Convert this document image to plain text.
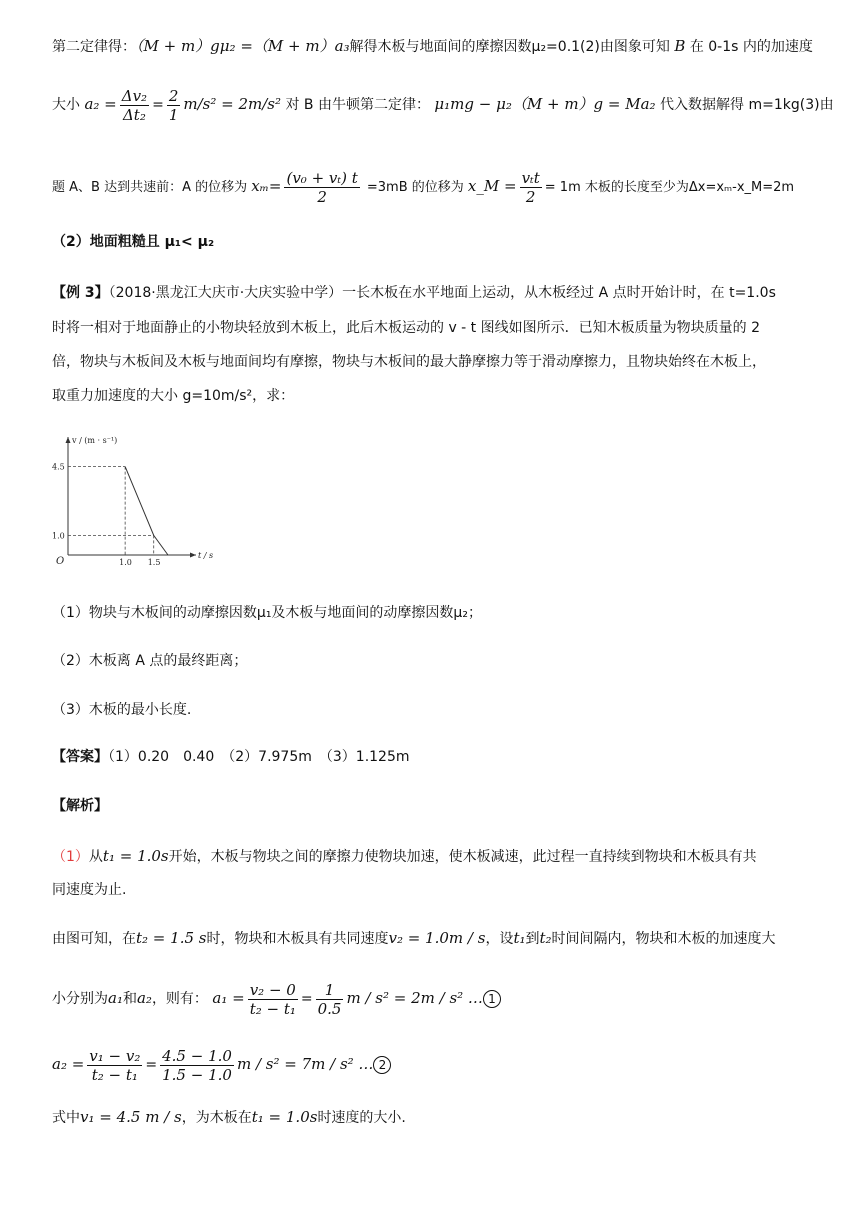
第二定律得：（M + m）gμ₂ =（M + m）a₃解得木板与地面间的摩擦因数μ₂=0.1(2)由图象可知 B 在 0-1s 内的加速度
大小 $a_2 = \frac{\text{Δv₂}}{\text{Δt₂}} = \frac{2}{1} m/s^2 = 2m/s^2$ 对 B 由牛顿第二定律： μ₁mg − μ₂（M + m）g = Ma₂ 代入数据解得 m=1kg(3)由
题 A、B 达到共速前：A 的位移为 $x_m= \frac{\text{(v₀ + vₜ) t}}{2} =3mB$ 的位移为 x_M = $\frac{\text{vₜt}}{2} = 1m$ 木板的长度至少为Δx=xₘ-x_M=2m
（2）地面粗糙且 μ₁< μ₂
【例 3】（2018·黑龙江大庆市·大庆实验中学）一长木板在水平地面上运动，从木板经过 A 点时开始计时，在 t=1.0s
时将一相对于地面静止的小物块轻放到木板上，此后木板运动的 v - t 图线如图所示．已知木板质量为物块质量的 2
倍，物块与木板间及木板与地面间均有摩擦，物块与木板间的最大静摩擦力等于滑动摩擦力，且物块始终在木板上，
取重力加速度的大小 g=10m/s²，求：
v / (m · s⁻¹)
t / s
O
4.5
1.0
1.0 1.5
（1）物块与木板间的动摩擦因数μ₁及木板与地面间的动摩擦因数μ₂；
（2）木板离 A 点的最终距离；
（3）木板的最小长度.
【答案】（1）0.20　0.40　（2）7.975m　（3）1.125m
【解析】
（1）从t₁ = 1.0s开始，木板与物块之间的摩擦力使物块加速，使木板减速，此过程一直持续到物块和木板具有共
同速度为止.
由图可知，在t₂ = 1.5 s时，物块和木板具有共同速度v₂ = 1.0m / s，设t₁到t₂时间间隔内，物块和木板的加速度大
小分别为a₁和a₂，则有： $a_1 = \frac{\text{v₂ − 0}}{\text{t₂ − t₁}} = \frac{1}{0.5}$ m / s² = 2m / s² … 1
$a_2 = \frac{\text{v₁ − v₂}}{\text{t₂ − t₁}} = \frac{4.5 - 1.0}{1.5 - 1.0}$ m / s² = 7m / s² … 2
式中v₁ = 4.5 m / s，为木板在t₁ = 1.0s时速度的大小.
